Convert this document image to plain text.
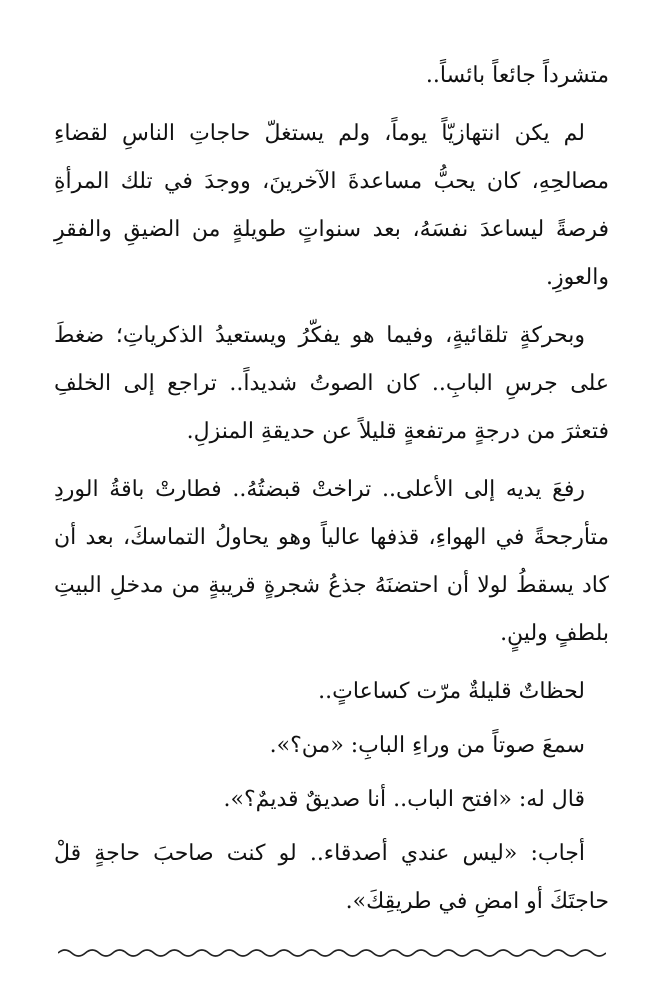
متشرداً جائعاً بائساً..

لم يكن انتهازيّاً يوماً، ولم يستغلّ حاجاتِ الناسِ لقضاءِ مصالحِهِ، كان يحبُّ مساعدةَ الآخرينَ، ووجدَ في تلك المرأةِ فرصةً ليساعدَ نفسَهُ، بعد سنواتٍ طويلةٍ من الضيقِ والفقرِ والعوزِ.

وبحركةٍ تلقائيةٍ، وفيما هو يفكّرُ ويستعيدُ الذكرياتِ؛ ضغطَ على جرسِ البابِ.. كان الصوتُ شديداً.. تراجع إلى الخلفِ فتعثرَ من درجةٍ مرتفعةٍ قليلاً عن حديقةِ المنزلِ.

رفعَ يديه إلى الأعلى.. تراختْ قبضتُهُ.. فطارتْ باقةُ الوردِ متأرجحةً في الهواءِ، قذفها عالياً وهو يحاولُ التماسكَ، بعد أن كاد يسقطُ لولا أن احتضنَهُ جذعُ شجرةٍ قريبةٍ من مدخلِ البيتِ بلطفٍ ولينٍ.

لحظاتٌ قليلةٌ مرّت كساعاتٍ..

سمعَ صوتاً من وراءِ البابِ: «من؟».

قال له: «افتح الباب.. أنا صديقٌ قديمٌ؟».

أجاب: «ليس عندي أصدقاء.. لو كنت صاحبَ حاجةٍ قلْ حاجتَكَ أو امضِ في طريقِكَ».
